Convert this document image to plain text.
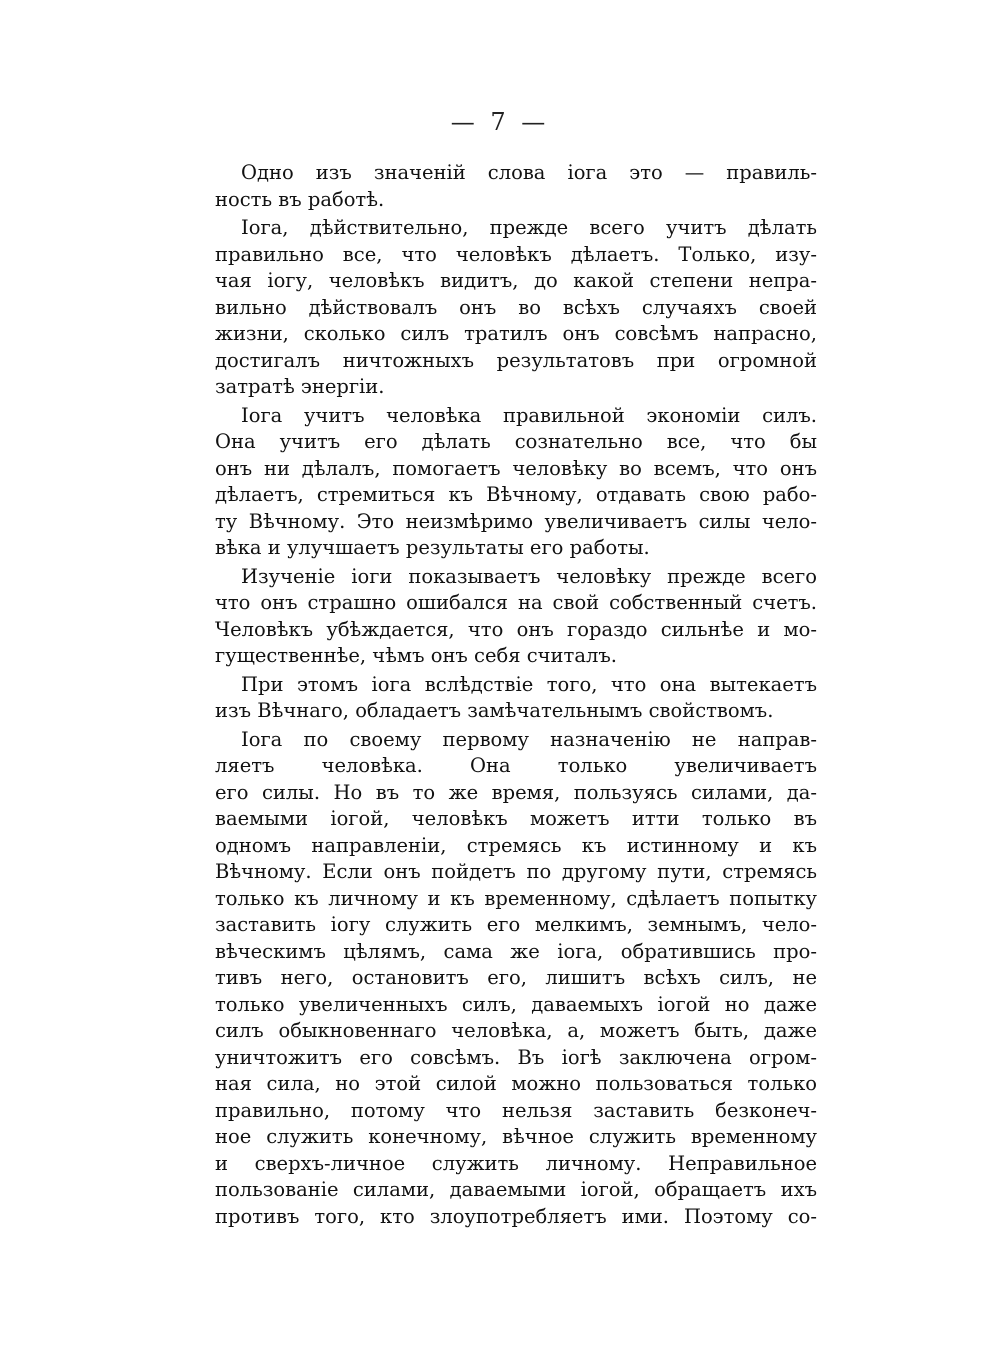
— 7 —
Одно изъ значеній слова іога это — правиль-
ность въ работѣ.
Іога, дѣйствительно, прежде всего учитъ дѣлать
правильно все, что человѣкъ дѣлаетъ. Только, изу-
чая іогу, человѣкъ видитъ, до какой степени непра-
вильно дѣйствовалъ онъ во всѣхъ случаяхъ своей
жизни, сколько силъ тратилъ онъ совсѣмъ напрасно,
достигалъ ничтожныхъ результатовъ при огромной
затратѣ энергіи.
Іога учитъ человѣка правильной экономіи силъ.
Она учитъ его дѣлать сознательно все, что бы
онъ ни дѣлалъ, помогаетъ человѣку во всемъ, что онъ
дѣлаетъ, стремиться къ Вѣчному, отдавать свою рабо-
ту Вѣчному. Это неизмѣримо увеличиваетъ силы чело-
вѣка и улучшаетъ результаты его работы.
Изученіе іоги показываетъ человѣку прежде всего
что онъ страшно ошибался на свой собственный счетъ.
Человѣкъ убѣждается, что онъ гораздо сильнѣе и мо-
гущественнѣе, чѣмъ онъ себя считалъ.
При этомъ іога вслѣдствіе того, что она вытекаетъ
изъ Вѣчнаго, обладаетъ замѣчательнымъ свойствомъ.
Іога по своему первому назначенію не направ-
ляетъ человѣка. Она только увеличиваетъ
его силы. Но въ то же время, пользуясь силами, да-
ваемыми іогой, человѣкъ можетъ итти только въ
одномъ направленіи, стремясь къ истинному и къ
Вѣчному. Если онъ пойдетъ по другому пути, стремясь
только къ личному и къ временному, сдѣлаетъ попытку
заставить іогу служить его мелкимъ, земнымъ, чело-
вѣческимъ цѣлямъ, сама же іога, обратившись про-
тивъ него, остановитъ его, лишитъ всѣхъ силъ, не
только увеличенныхъ силъ, даваемыхъ іогой но даже
силъ обыкновеннаго человѣка, а, можетъ быть, даже
уничтожитъ его совсѣмъ. Въ іогѣ заключена огром-
ная сила, но этой силой можно пользоваться только
правильно, потому что нельзя заставить безконеч-
ное служить конечному, вѣчное служить временному
и сверхъ-личное служить личному. Неправильное
пользованіе силами, даваемыми іогой, обращаетъ ихъ
противъ того, кто злоупотребляетъ ими. Поэтому со-
